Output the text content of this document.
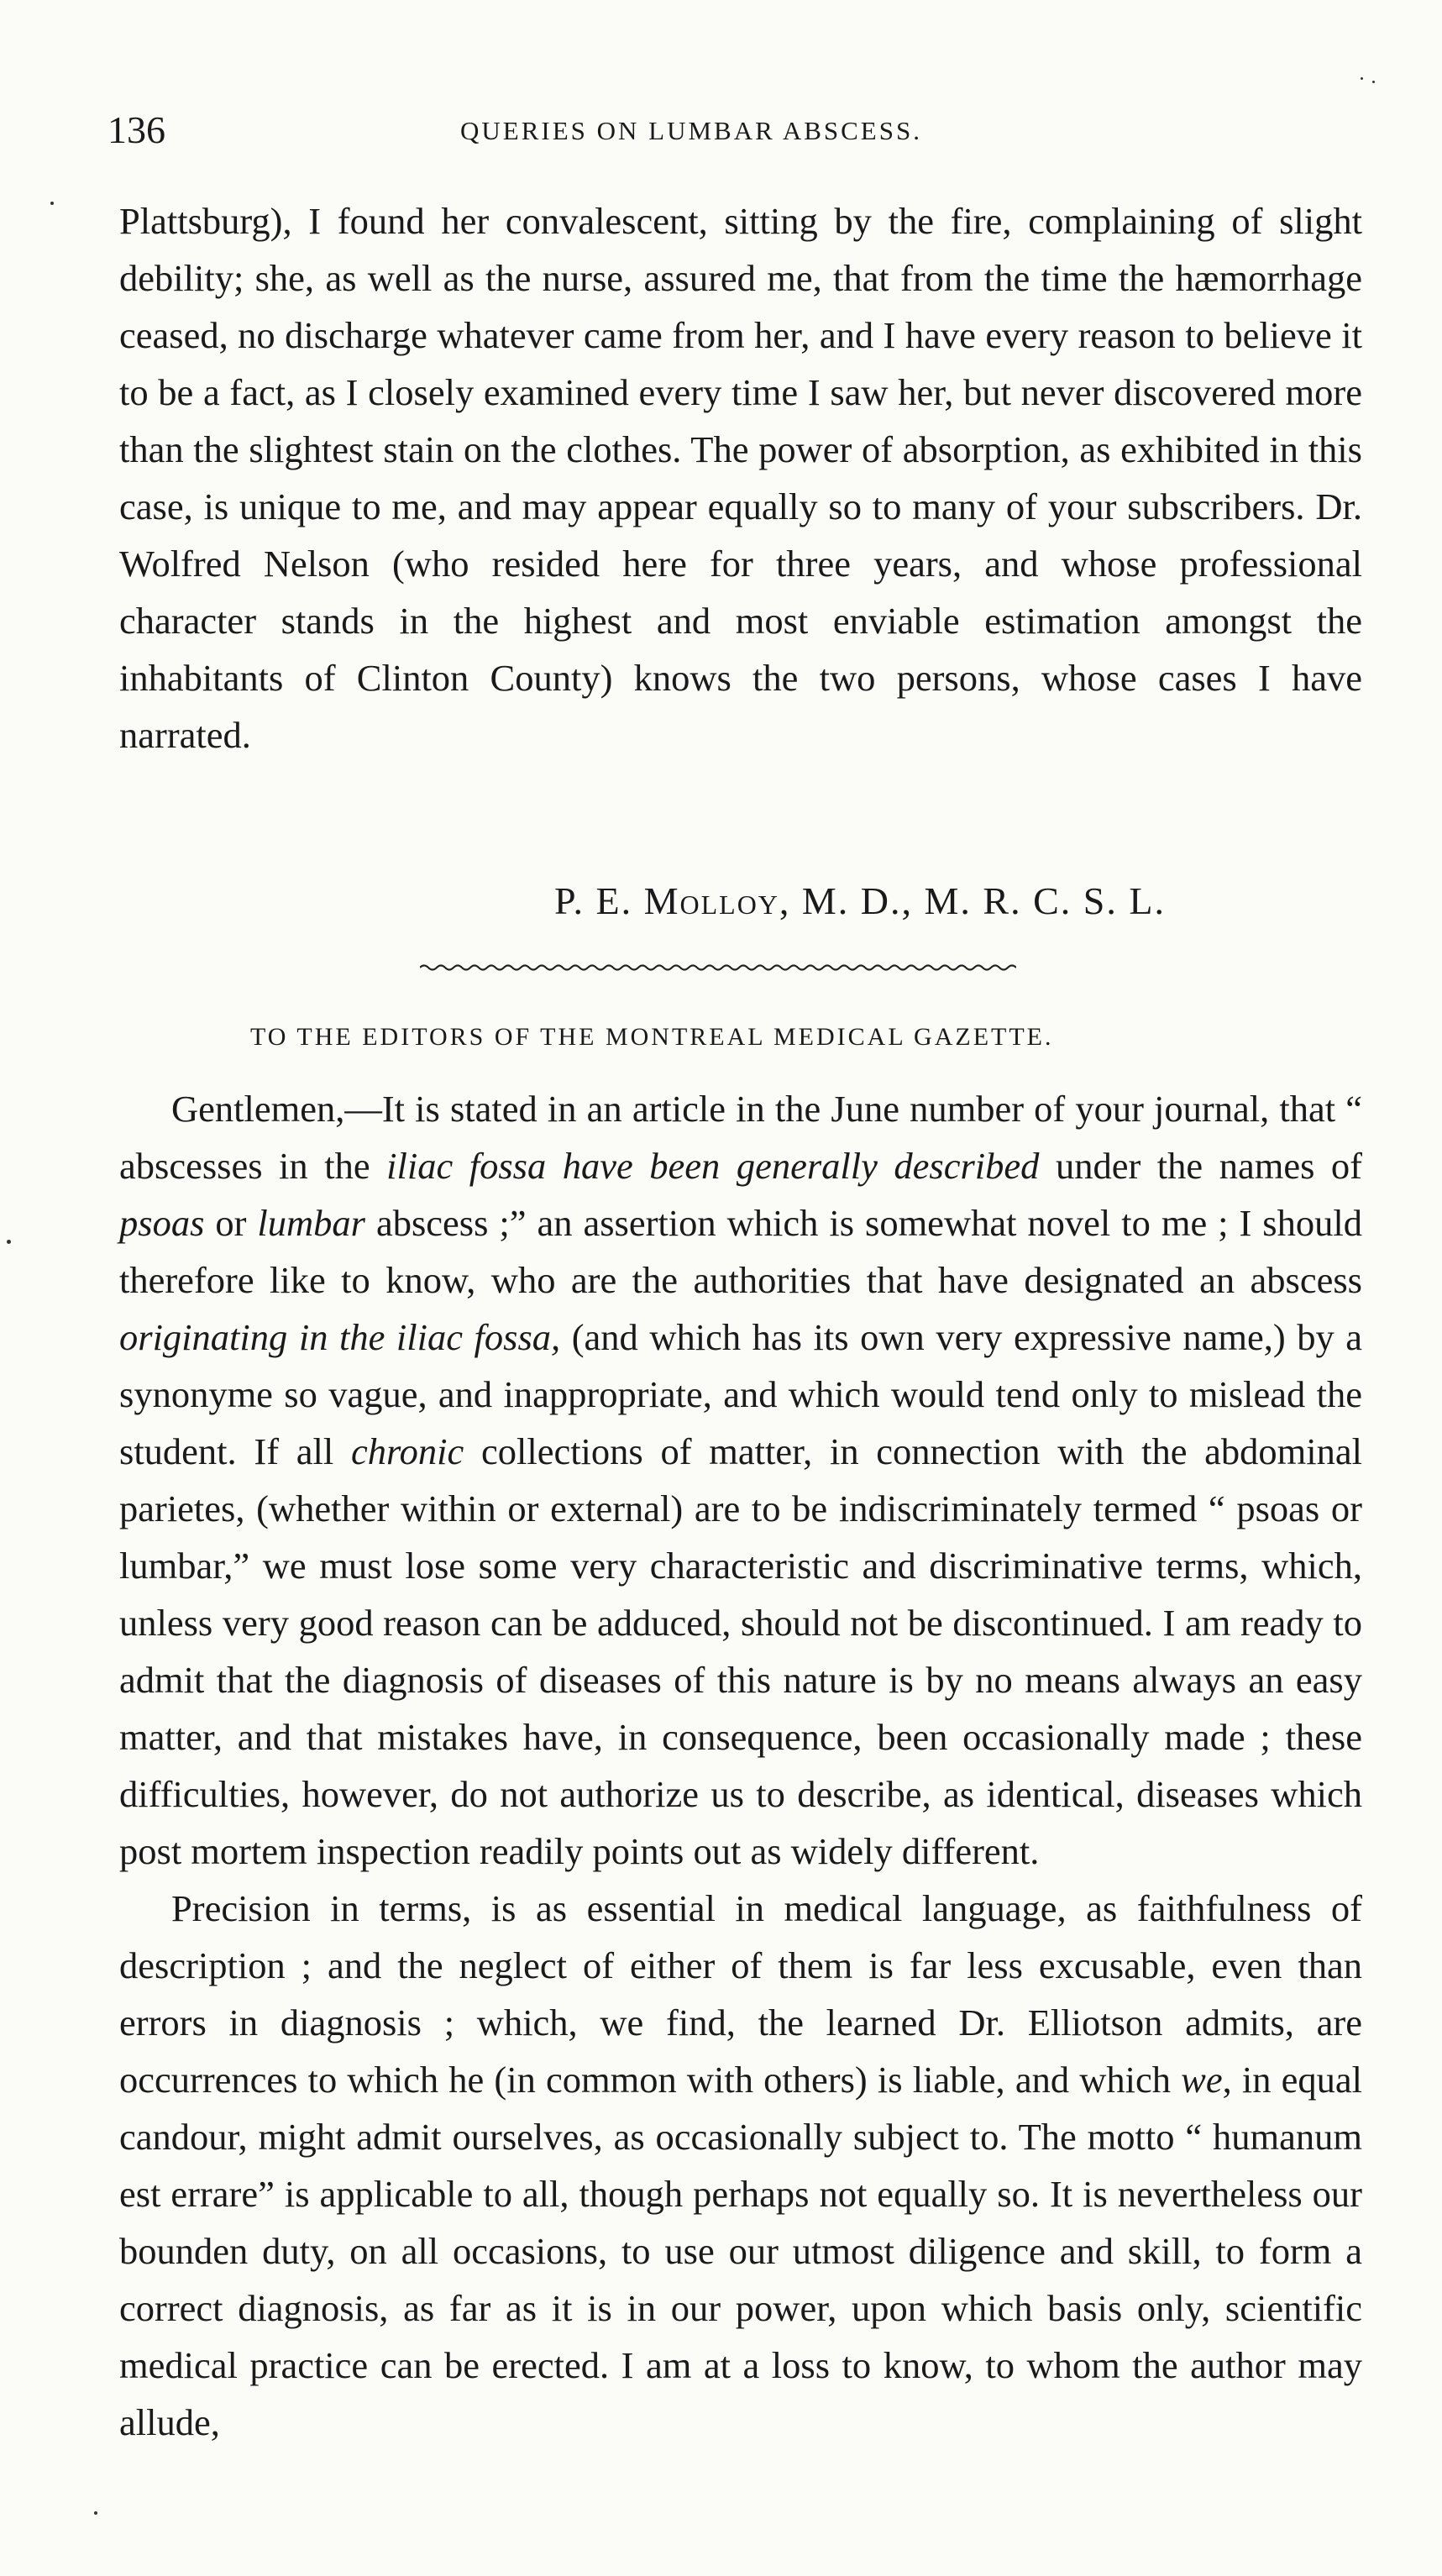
136	QUERIES ON LUMBAR ABSCESS.

Plattsburg), I found her convalescent, sitting by the fire, complaining of slight debility; she, as well as the nurse, assured me, that from the time the hæmorrhage ceased, no discharge whatever came from her, and I have every reason to believe it to be a fact, as I closely examined every time I saw her, but never discovered more than the slightest stain on the clothes. The power of absorption, as exhibited in this case, is unique to me, and may appear equally so to many of your subscribers. Dr. Wolfred Nelson (who resided here for three years, and whose professional character stands in the highest and most enviable estimation amongst the inhabitants of Clinton County) knows the two persons, whose cases I have narrated.

P. E. Molloy, M. D., M. R. C. S. L.
TO THE EDITORS OF THE MONTREAL MEDICAL GAZETTE.

Gentlemen,—It is stated in an article in the June number of your journal, that “ abscesses in the iliac fossa have been generally described under the names of psoas or lumbar abscess ;” an assertion which is somewhat novel to me ; I should therefore like to know, who are the authorities that have designated an abscess originating in the iliac fossa, (and which has its own very expressive name,) by a synonyme so vague, and inappropriate, and which would tend only to mislead the student. If all chronic collections of matter, in connection with the abdominal parietes, (whether within or external) are to be indiscriminately termed “ psoas or lumbar,” we must lose some very characteristic and discriminative terms, which, unless very good reason can be adduced, should not be discontinued. I am ready to admit that the diagnosis of diseases of this nature is by no means always an easy matter, and that mistakes have, in consequence, been occasionally made ; these difficulties, however, do not authorize us to describe, as identical, diseases which post mortem inspection readily points out as widely different.

Precision in terms, is as essential in medical language, as faithfulness of description ; and the neglect of either of them is far less excusable, even than errors in diagnosis ; which, we find, the learned Dr. Elliotson admits, are occurrences to which he (in common with others) is liable, and which we, in equal candour, might admit ourselves, as occasionally subject to. The motto “ humanum est errare” is applicable to all, though perhaps not equally so. It is nevertheless our bounden duty, on all occasions, to use our utmost diligence and skill, to form a correct diagnosis, as far as it is in our power, upon which basis only, scientific medical practice can be erected. I am at a loss to know, to whom the author may allude,
